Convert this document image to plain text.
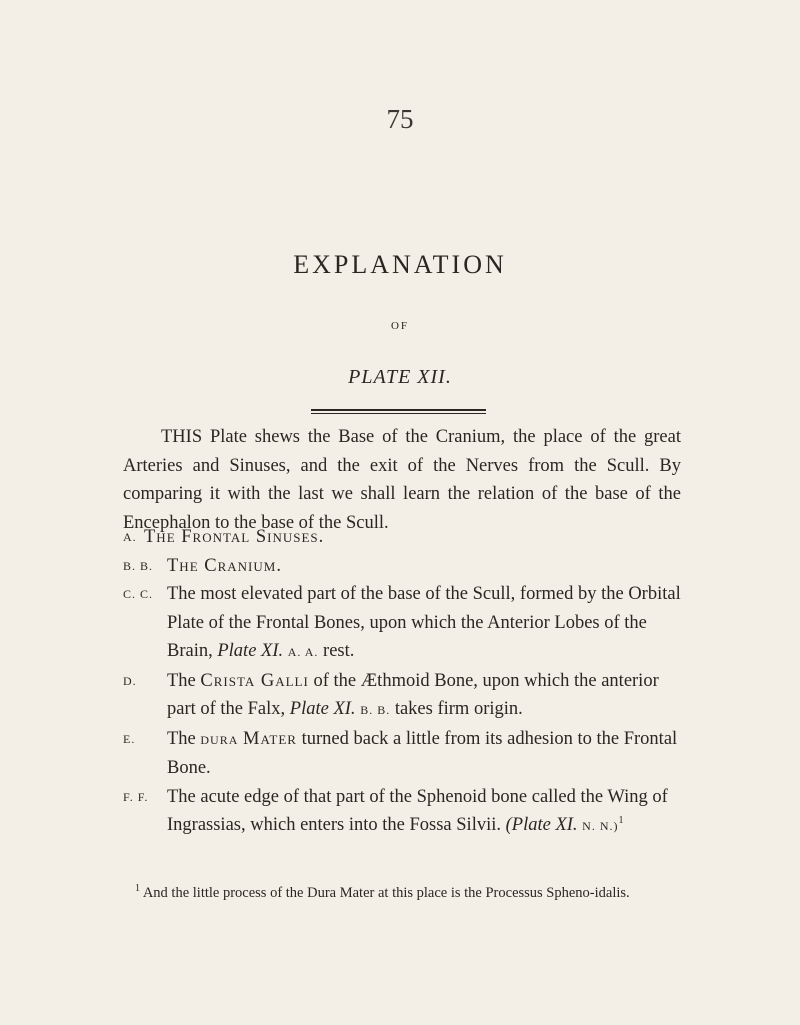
75
EXPLANATION
OF
PLATE XII.

THIS Plate shews the Base of the Cranium, the place of the great Arteries and Sinuses, and the exit of the Nerves from the Scull. By comparing it with the last we shall learn the relation of the base of the Encephalon to the base of the Scull.

A. The Frontal Sinuses.
B. B. The Cranium.
C. C. The most elevated part of the base of the Scull, formed by the Orbital Plate of the Frontal Bones, upon which the Anterior Lobes of the Brain, Plate XI. A. A. rest.
D.	The Crista Galli of the Æthmoid Bone, upon which the anterior part of the Falx, Plate XI. B. B. takes firm origin.
E.	The DURA Mater turned back a little from its adhesion to the Frontal Bone.
F. F.	The acute edge of that part of the Sphenoid bone called the Wing of Ingrassias, which enters into the Fossa Silvii. (Plate XI. N. N.)$^1$

$^1$ And the little process of the Dura Mater at this place is the Processus Spheno-idalis.
